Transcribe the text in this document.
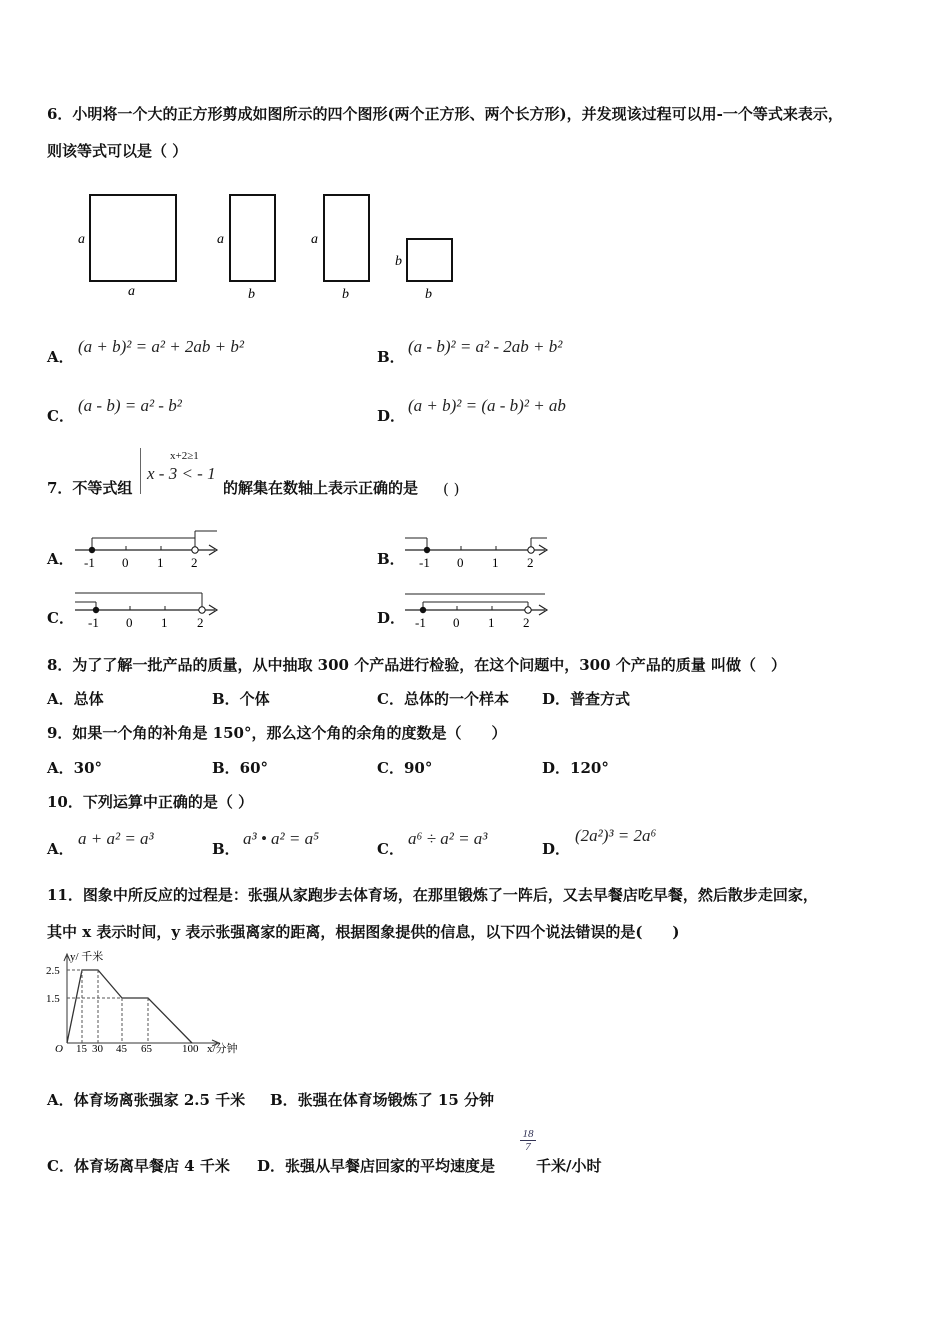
6．小明将一个大的正方形剪成如图所示的四个图形(两个正方形、两个长方形)，并发现该过程可以用-一个等式来表示，
则该等式可以是（ ）
a
a
a
b
a
b
b
b
A．
(a + b)² = a² + 2ab + b²
B．
(a - b)² = a² - 2ab + b²
C．
(a - b) = a² - b²
D．
(a + b)² = (a - b)² + ab
7．不等式组
x+2≥1
x - 3 < - 1
的解集在数轴上表示正确的是 ( )
A． -1 0 1 2	B． -1 0 1 2
C． -1 0 1 2	D． -1 0 1 2
8．为了了解一批产品的质量，从中抽取 300 个产品进行检验，在这个问题中，300 个产品的质量 叫做（　）
A．总体	B．个体	C．总体的一个样本 D．普查方式
9．如果一个角的补角是 150°，那么这个角的余角的度数是（　　）
A．30°	B．60°	C．90°	D．120°
10．下列运算中正确的是（ ）
A．
a + a² = a³
B．
a³ • a² = a⁵
C．
a⁶ ÷ a² = a³
D．
(2a²)³ = 2a⁶
11．图象中所反应的过程是：张强从家跑步去体育场，在那里锻炼了一阵后，又去早餐店吃早餐，然后散步走回家，
其中 x 表示时间，y 表示张强离家的距离，根据图象提供的信息，以下四个说法错误的是(　　)
y/ 千米
2.5
1.5
O 15 30 45 65	100 x/分钟
A．体育场离张强家 2.5 千米 B．张强在体育场锻炼了 15 分钟
C．体育场离早餐店 4 千米 D．张强从早餐店回家的平均速度是
$\frac{18}{7}$
千米/小时
